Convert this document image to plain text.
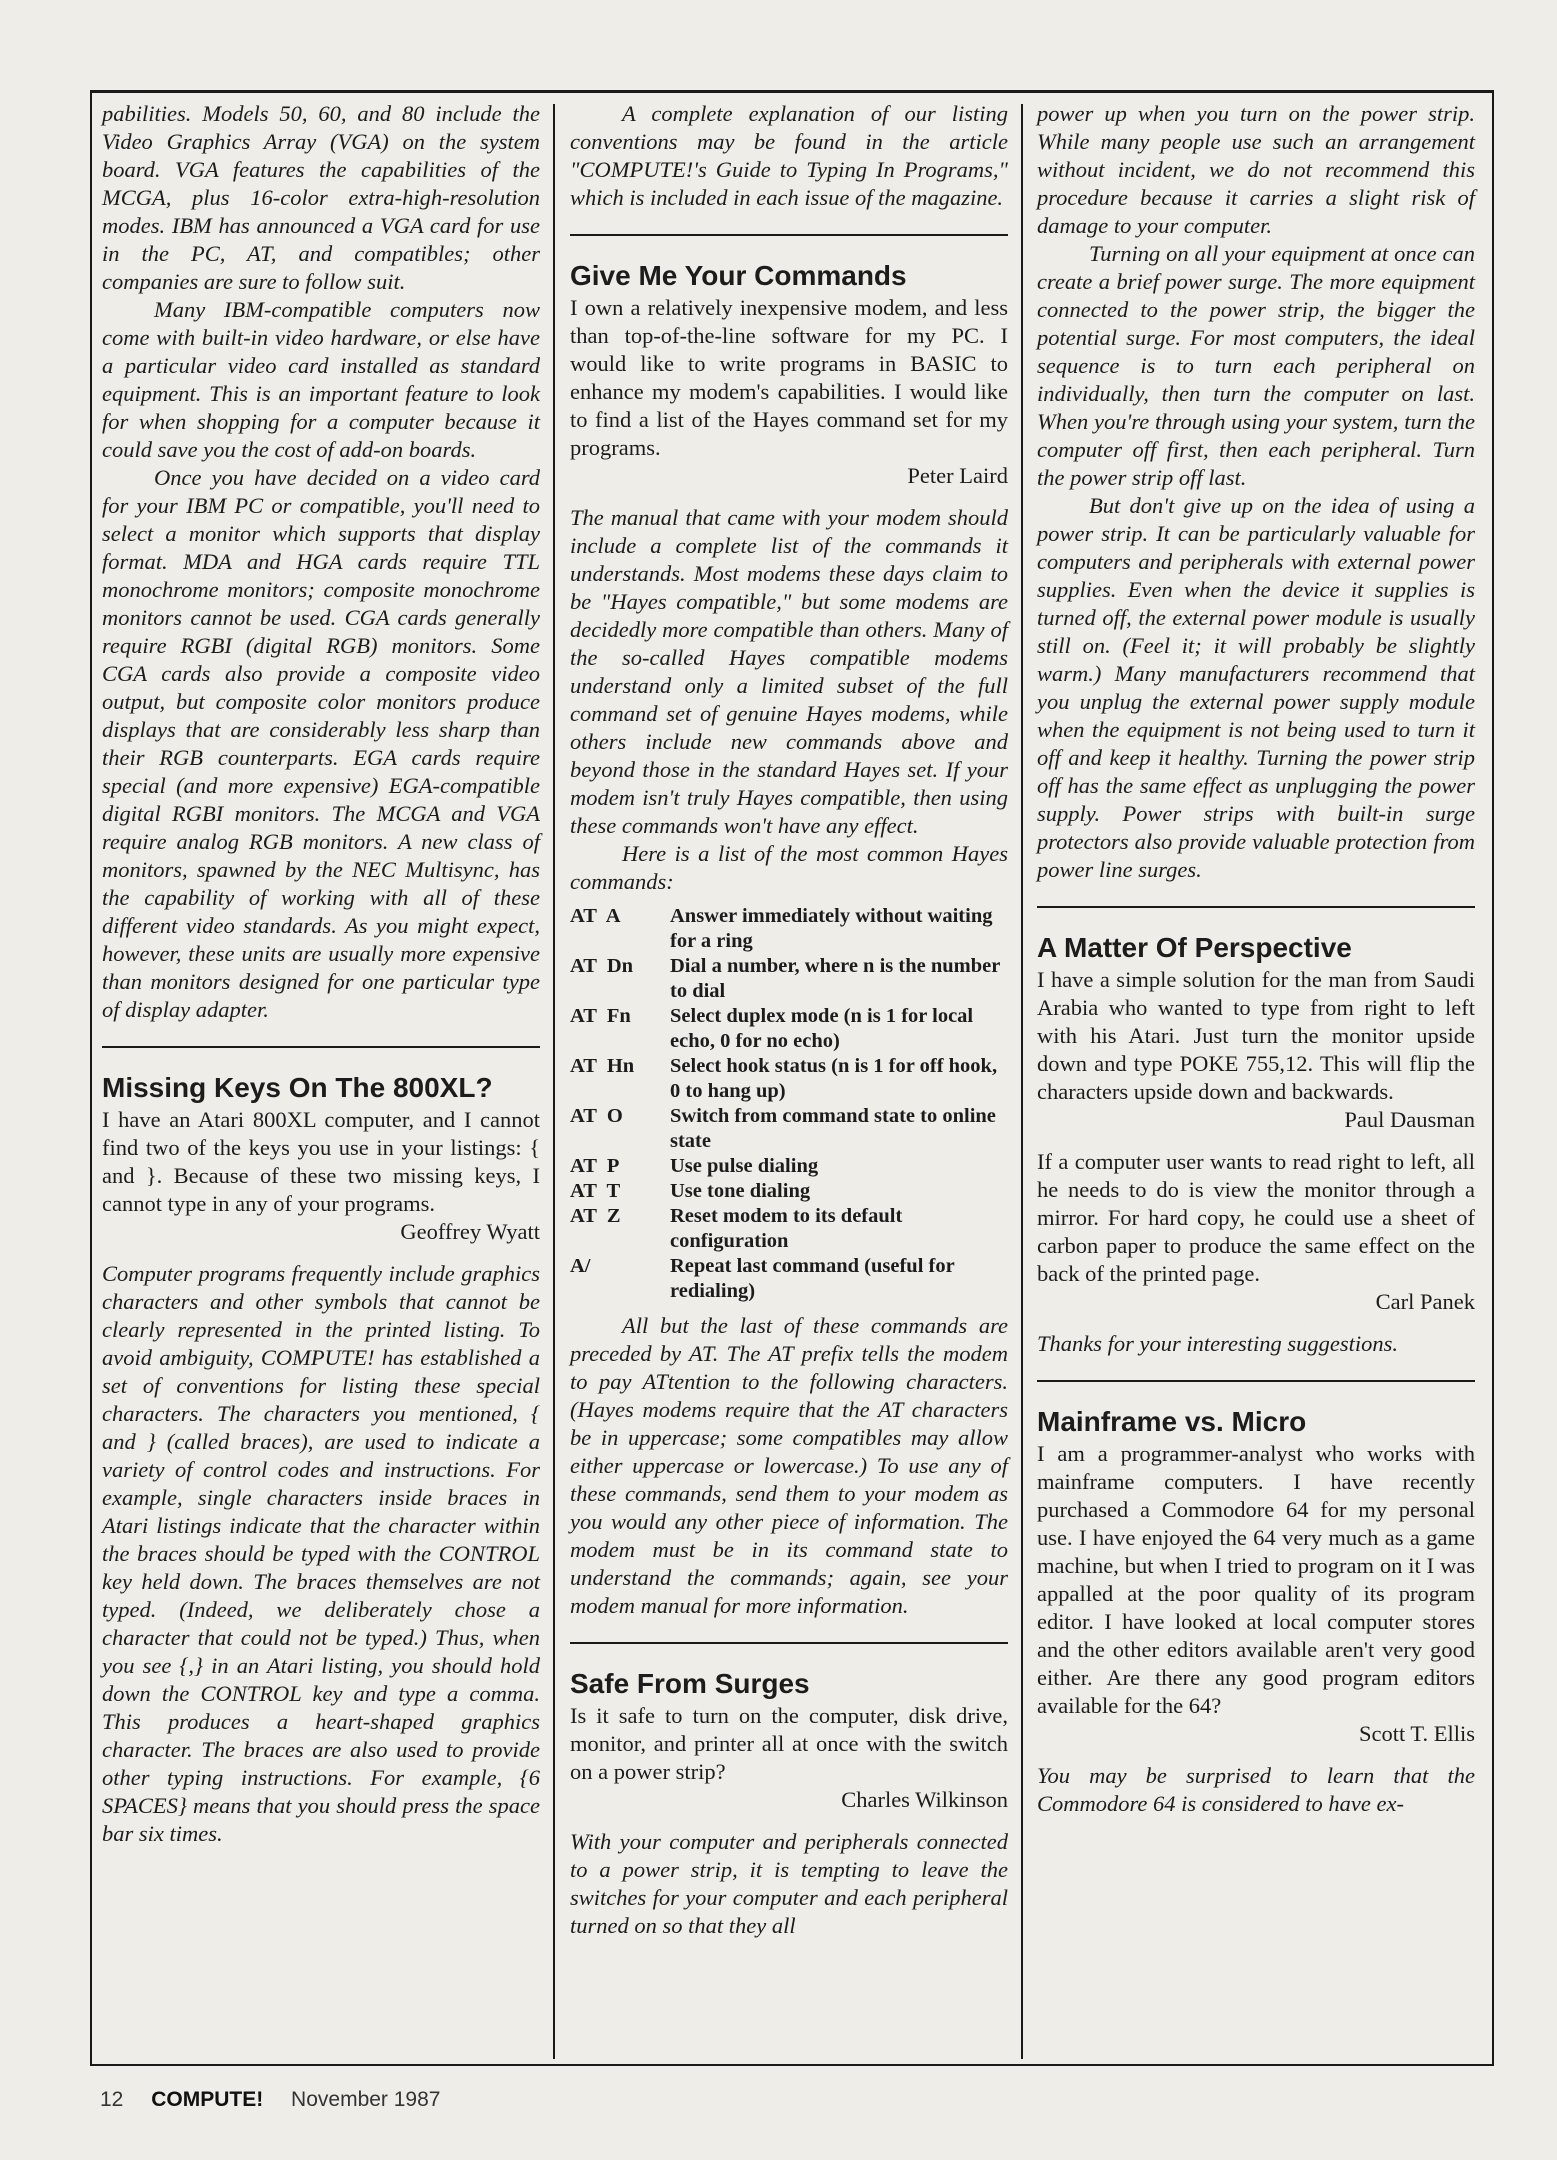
pabilities. Models 50, 60, and 80 include the Video Graphics Array (VGA) on the system board. VGA features the capabilities of the MCGA, plus 16-color extra-high-resolution modes. IBM has announced a VGA card for use in the PC, AT, and compatibles; other companies are sure to follow suit.

Many IBM-compatible computers now come with built-in video hardware, or else have a particular video card installed as standard equipment. This is an important feature to look for when shopping for a computer because it could save you the cost of add-on boards.

Once you have decided on a video card for your IBM PC or compatible, you'll need to select a monitor which supports that display format. MDA and HGA cards require TTL monochrome monitors; composite monochrome monitors cannot be used. CGA cards generally require RGBI (digital RGB) monitors. Some CGA cards also provide a composite video output, but composite color monitors produce displays that are considerably less sharp than their RGB counterparts. EGA cards require special (and more expensive) EGA-compatible digital RGBI monitors. The MCGA and VGA require analog RGB monitors. A new class of monitors, spawned by the NEC Multisync, has the capability of working with all of these different video standards. As you might expect, however, these units are usually more expensive than monitors designed for one particular type of display adapter.

Missing Keys On The 800XL?

I have an Atari 800XL computer, and I cannot find two of the keys you use in your listings: { and }. Because of these two missing keys, I cannot type in any of your programs.

Geoffrey Wyatt

Computer programs frequently include graphics characters and other symbols that cannot be clearly represented in the printed listing. To avoid ambiguity, COMPUTE! has established a set of conventions for listing these special characters. The characters you mentioned, { and } (called braces), are used to indicate a variety of control codes and instructions. For example, single characters inside braces in Atari listings indicate that the character within the braces should be typed with the CONTROL key held down. The braces themselves are not typed. (Indeed, we deliberately chose a character that could not be typed.) Thus, when you see {,} in an Atari listing, you should hold down the CONTROL key and type a comma. This produces a heart-shaped graphics character. The braces are also used to provide other typing instructions. For example, {6 SPACES} means that you should press the space bar six times.

A complete explanation of our listing conventions may be found in the article "COMPUTE!'s Guide to Typing In Programs," which is included in each issue of the magazine.

Give Me Your Commands

I own a relatively inexpensive modem, and less than top-of-the-line software for my PC. I would like to write programs in BASIC to enhance my modem's capabilities. I would like to find a list of the Hayes command set for my programs.

Peter Laird

The manual that came with your modem should include a complete list of the commands it understands. Most modems these days claim to be "Hayes compatible," but some modems are decidedly more compatible than others. Many of the so-called Hayes compatible modems understand only a limited subset of the full command set of genuine Hayes modems, while others include new commands above and beyond those in the standard Hayes set. If your modem isn't truly Hayes compatible, then using these commands won't have any effect.

Here is a list of the most common Hayes commands:

AT  A	Answer immediately without waiting for a ring
AT  Dn	Dial a number, where n is the number to dial
AT  Fn	Select duplex mode (n is 1 for local echo, 0 for no echo)
AT  Hn	Select hook status (n is 1 for off hook, 0 to hang up)
AT  O	Switch from command state to online state
AT  P	Use pulse dialing
AT  T	Use tone dialing
AT  Z	Reset modem to its default configuration
A/	Repeat last command (useful for redialing)

All but the last of these commands are preceded by AT. The AT prefix tells the modem to pay ATtention to the following characters. (Hayes modems require that the AT characters be in uppercase; some compatibles may allow either uppercase or lowercase.) To use any of these commands, send them to your modem as you would any other piece of information. The modem must be in its command state to understand the commands; again, see your modem manual for more information.

Safe From Surges

Is it safe to turn on the computer, disk drive, monitor, and printer all at once with the switch on a power strip?

Charles Wilkinson

With your computer and peripherals connected to a power strip, it is tempting to leave the switches for your computer and each peripheral turned on so that they all

power up when you turn on the power strip. While many people use such an arrangement without incident, we do not recommend this procedure because it carries a slight risk of damage to your computer.

Turning on all your equipment at once can create a brief power surge. The more equipment connected to the power strip, the bigger the potential surge. For most computers, the ideal sequence is to turn each peripheral on individually, then turn the computer on last. When you're through using your system, turn the computer off first, then each peripheral. Turn the power strip off last.

But don't give up on the idea of using a power strip. It can be particularly valuable for computers and peripherals with external power supplies. Even when the device it supplies is turned off, the external power module is usually still on. (Feel it; it will probably be slightly warm.) Many manufacturers recommend that you unplug the external power supply module when the equipment is not being used to turn it off and keep it healthy. Turning the power strip off has the same effect as unplugging the power supply. Power strips with built-in surge protectors also provide valuable protection from power line surges.

A Matter Of Perspective

I have a simple solution for the man from Saudi Arabia who wanted to type from right to left with his Atari. Just turn the monitor upside down and type POKE 755,12. This will flip the characters upside down and backwards.

Paul Dausman

If a computer user wants to read right to left, all he needs to do is view the monitor through a mirror. For hard copy, he could use a sheet of carbon paper to produce the same effect on the back of the printed page.

Carl Panek

Thanks for your interesting suggestions.

Mainframe vs. Micro

I am a programmer-analyst who works with mainframe computers. I have recently purchased a Commodore 64 for my personal use. I have enjoyed the 64 very much as a game machine, but when I tried to program on it I was appalled at the poor quality of its program editor. I have looked at local computer stores and the other editors available aren't very good either. Are there any good program editors available for the 64?

Scott T. Ellis

You may be surprised to learn that the Commodore 64 is considered to have ex-

12 COMPUTE! November 1987
